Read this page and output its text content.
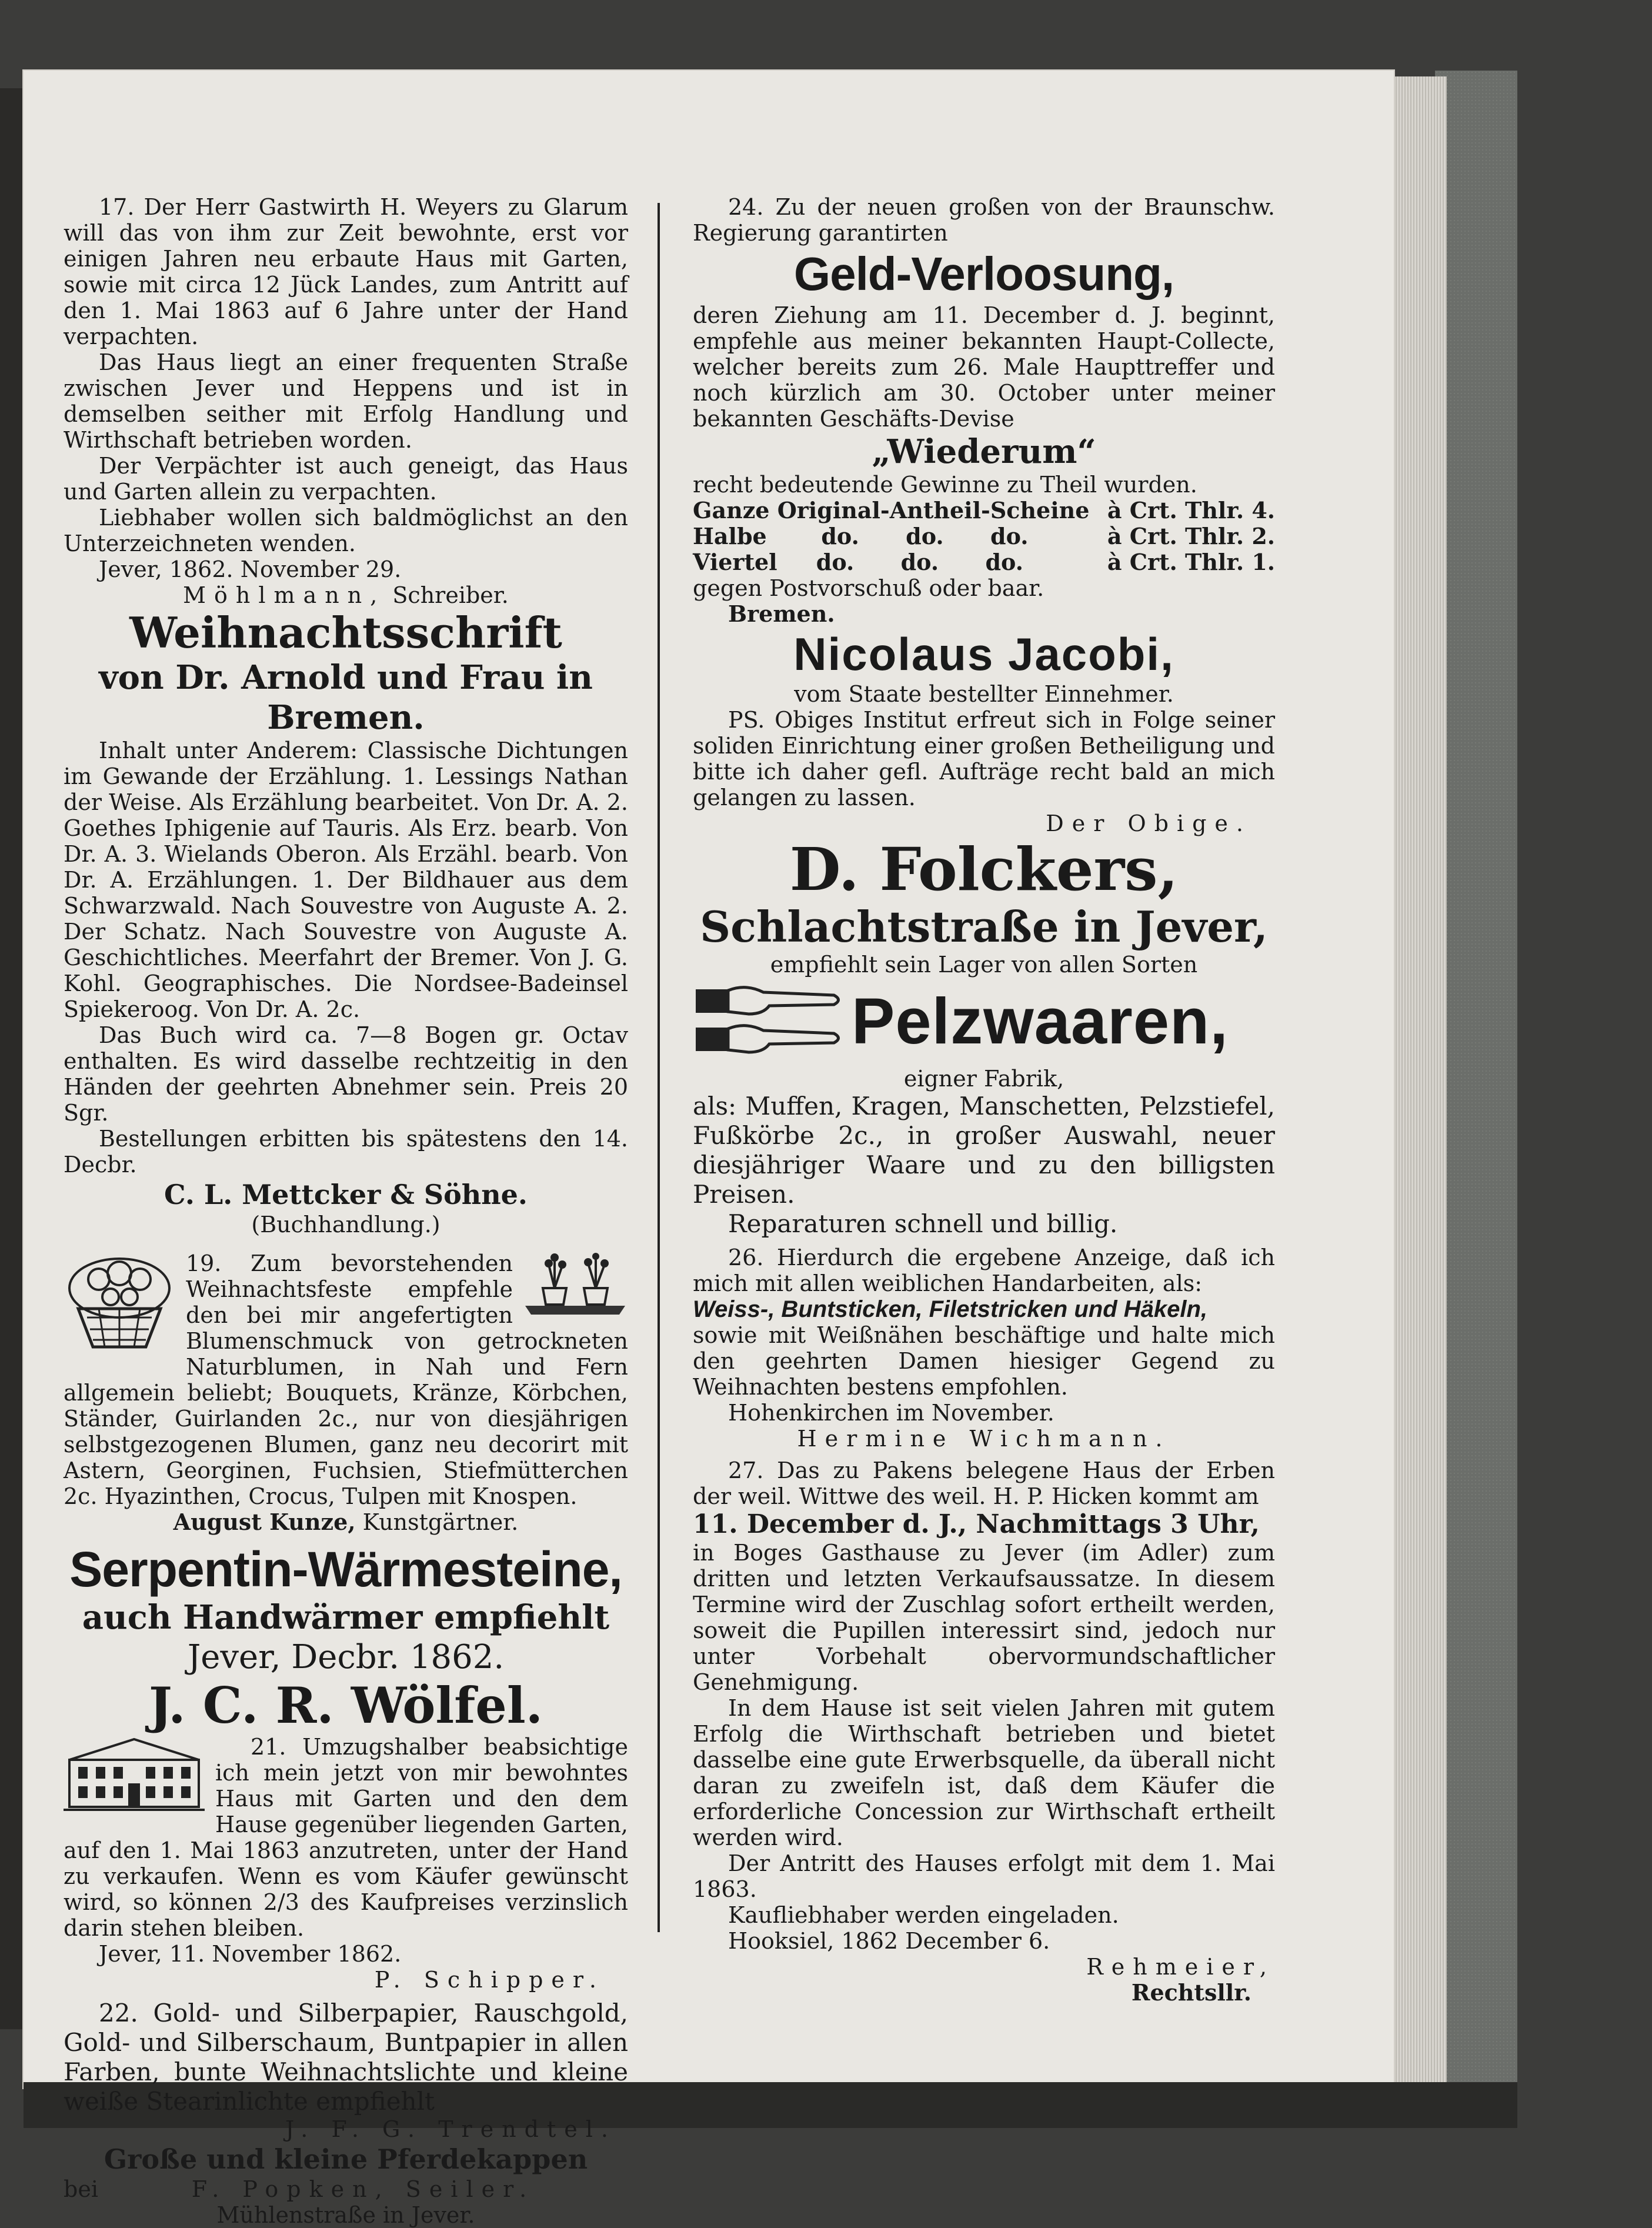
17. Der Herr Gastwirth H. Weyers zu Glarum will das von ihm zur Zeit bewohnte, erst vor einigen Jahren neu erbaute Haus mit Garten, sowie mit circa 12 Jück Landes, zum Antritt auf den 1. Mai 1863 auf 6 Jahre unter der Hand verpachten.

Das Haus liegt an einer frequenten Straße zwischen Jever und Heppens und ist in demselben seither mit Erfolg Handlung und Wirthschaft betrieben worden.

Der Verpächter ist auch geneigt, das Haus und Garten allein zu verpachten.

Liebhaber wollen sich baldmöglichst an den Unterzeichneten wenden.

Jever, 1862. November 29.

Möhlmann, Schreiber.

Weihnachtsschrift

von Dr. Arnold und Frau in Bremen.

Inhalt unter Anderem: Classische Dichtungen im Gewande der Erzählung. 1. Lessings Nathan der Weise. Als Erzählung bearbeitet. Von Dr. A. 2. Goethes Iphigenie auf Tauris. Als Erz. bearb. Von Dr. A. 3. Wielands Oberon. Als Erzähl. bearb. Von Dr. A. Erzählungen. 1. Der Bildhauer aus dem Schwarzwald. Nach Souvestre von Auguste A. 2. Der Schatz. Nach Souvestre von Auguste A. Geschichtliches. Meerfahrt der Bremer. Von J. G. Kohl. Geographisches. Die Nordsee-Badeinsel Spiekeroog. Von Dr. A. 2c.

Das Buch wird ca. 7—8 Bogen gr. Octav enthalten. Es wird dasselbe rechtzeitig in den Händen der geehrten Abnehmer sein. Preis 20 Sgr.

Bestellungen erbitten bis spätestens den 14. Decbr.

C. L. Mettcker & Söhne.

(Buchhandlung.)

19. Zum bevorstehenden Weihnachtsfeste empfehle den bei mir angefertigten Blumenschmuck von getrockneten Naturblumen, in Nah und Fern allgemein beliebt; Bouquets, Kränze, Körbchen, Ständer, Guirlanden 2c., nur von diesjährigen selbstgezogenen Blumen, ganz neu decorirt mit Astern, Georginen, Fuchsien, Stiefmütterchen 2c. Hyazinthen, Crocus, Tulpen mit Knospen.

August Kunze, Kunstgärtner.

Serpentin-Wärmesteine,

auch Handwärmer empfiehlt

Jever, Decbr. 1862.

J. C. R. Wölfel.

21. Umzugshalber beabsichtige ich mein jetzt von mir bewohntes Haus mit Garten und den dem Hause gegenüber liegenden Garten, auf den 1. Mai 1863 anzutreten, unter der Hand zu verkaufen. Wenn es vom Käufer gewünscht wird, so können 2/3 des Kaufpreises verzinslich darin stehen bleiben.

Jever, 11. November 1862.

P. Schipper.

22. Gold- und Silberpapier, Rauschgold, Gold- und Silberschaum, Buntpapier in allen Farben, bunte Weihnachtslichte und kleine weiße Stearinlichte empfiehlt

J. F. G. Trendtel.

Große und kleine Pferdekappen

bei	F. Popken, Seiler.

Mühlenstraße in Jever.

24. Zu der neuen großen von der Braunschw. Regierung garantirten

Geld-Verloosung,

deren Ziehung am 11. December d. J. beginnt, empfehle aus meiner bekannten Haupt-Collecte, welcher bereits zum 26. Male Haupttreffer und noch kürzlich am 30. October unter meiner bekannten Geschäfts-Devise

„Wiederum“

recht bedeutende Gewinne zu Theil wurden.

Ganze Original-Antheil-Scheine à Crt. Thlr. 4.
Halbe       do.      do.      do.	à Crt. Thlr. 2.
Viertel     do.      do.      do.	à Crt. Thlr. 1.

gegen Postvorschuß oder baar.

Bremen.

Nicolaus Jacobi,

vom Staate bestellter Einnehmer.

PS. Obiges Institut erfreut sich in Folge seiner soliden Einrichtung einer großen Betheiligung und bitte ich daher gefl. Aufträge recht bald an mich gelangen zu lassen.

Der Obige.

D. Folckers,

Schlachtstraße in Jever,

empfiehlt sein Lager von allen Sorten

Pelzwaaren,

eigner Fabrik,

als: Muffen, Kragen, Manschetten, Pelzstiefel, Fußkörbe 2c., in großer Auswahl, neuer diesjähriger Waare und zu den billigsten Preisen.

Reparaturen schnell und billig.

26. Hierdurch die ergebene Anzeige, daß ich mich mit allen weiblichen Handarbeiten, als:

Weiss-, Buntsticken, Filetstricken und Häkeln,

sowie mit Weißnähen beschäftige und halte mich den geehrten Damen hiesiger Gegend zu Weihnachten bestens empfohlen.

Hohenkirchen im November.

Hermine Wichmann.

27. Das zu Pakens belegene Haus der Erben der weil. Wittwe des weil. H. P. Hicken kommt am

11. December d. J., Nachmittags 3 Uhr,

in Boges Gasthause zu Jever (im Adler) zum dritten und letzten Verkaufsaussatze. In diesem Termine wird der Zuschlag sofort ertheilt werden, soweit die Pupillen interessirt sind, jedoch nur unter Vorbehalt obervormundschaftlicher Genehmigung.

In dem Hause ist seit vielen Jahren mit gutem Erfolg die Wirthschaft betrieben und bietet dasselbe eine gute Erwerbsquelle, da überall nicht daran zu zweifeln ist, daß dem Käufer die erforderliche Concession zur Wirthschaft ertheilt werden wird.

Der Antritt des Hauses erfolgt mit dem 1. Mai 1863.

Kaufliebhaber werden eingeladen.

Hooksiel, 1862 December 6.

Rehmeier,
Rechtsllr.
